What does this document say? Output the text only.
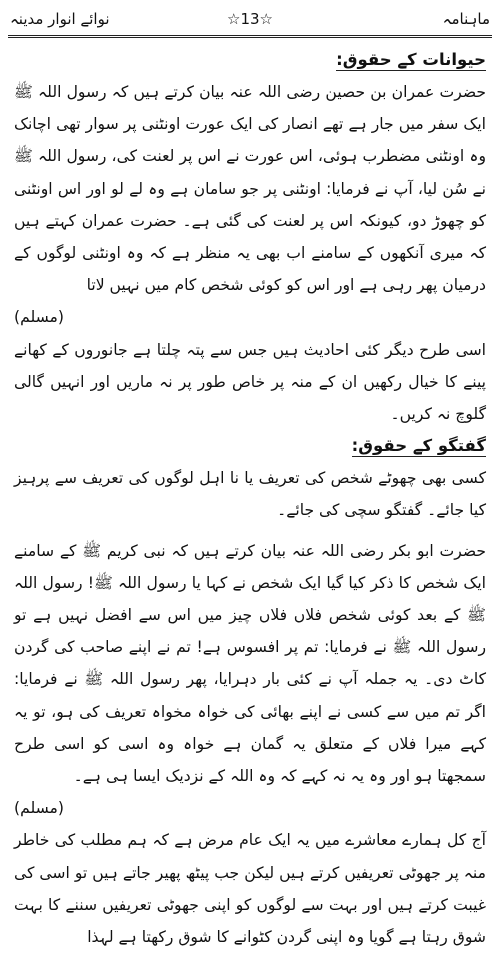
نوائے انوار مدینہ	☆13☆	ماہنامہ
حیوانات کے حقوق:

حضرت عمران بن حصین رضی اللہ عنہ بیان کرتے ہیں کہ رسول اللہ ﷺ ایک سفر میں جار ہے تھے انصار کی ایک عورت اونٹنی پر سوار تھی اچانک وہ اونٹنی مضطرب ہوئی، اس عورت نے اس پر لعنت کی، رسول اللہ ﷺ نے سُن لیا، آپ نے فرمایا: اونٹنی پر جو سامان ہے وہ لے لو اور اس اونٹنی کو چھوڑ دو، کیونکہ اس پر لعنت کی گئی ہے۔ حضرت عمران کہتے ہیں کہ میری آنکھوں کے سامنے اب بھی یہ منظر ہے کہ وہ اونٹنی لوگوں کے درمیان پھر رہی ہے اور اس کو کوئی شخص کام میں نہیں لاتا
(مسلم)

اسی طرح دیگر کئی احادیث ہیں جس سے پتہ چلتا ہے جانوروں کے کھانے پینے کا خیال رکھیں ان کے منہ پر خاص طور پر نہ ماریں اور انہیں گالی گلوچ نہ کریں۔

گفتگو کے حقوق:

کسی بھی چھوٹے شخص کی تعریف یا نا اہل لوگوں کی تعریف سے پرہیز کیا جائے۔ گفتگو سچی کی جائے۔

حضرت ابو بکر رضی اللہ عنہ بیان کرتے ہیں کہ نبی کریم ﷺ کے سامنے ایک شخص کا ذکر کیا گیا ایک شخص نے کہا یا رسول اللہ ﷺ! رسول اللہ ﷺ کے بعد کوئی شخص فلاں فلاں چیز میں اس سے افضل نہیں ہے تو رسول اللہ ﷺ نے فرمایا: تم پر افسوس ہے! تم نے اپنے صاحب کی گردن کاٹ دی۔ یہ جملہ آپ نے کئی بار دہرایا، پھر رسول اللہ ﷺ نے فرمایا: اگر تم میں سے کسی نے اپنے بھائی کی خواہ مخواہ تعریف کی ہو، تو یہ کہے میرا فلاں کے متعلق یہ گمان ہے خواہ وہ اسی کو اسی طرح سمجھتا ہو اور وہ یہ نہ کہے کہ وہ اللہ کے نزدیک ایسا ہی ہے۔
(مسلم)

آج کل ہمارے معاشرے میں یہ ایک عام مرض ہے کہ ہم مطلب کی خاطر منہ پر جھوٹی تعریفیں کرتے ہیں لیکن جب پیٹھ پھیر جاتے ہیں تو اسی کی غیبت کرتے ہیں اور بہت سے لوگوں کو اپنی جھوٹی تعریفیں سننے کا بہت شوق رہتا ہے گویا وہ اپنی گردن کٹوانے کا شوق رکھتا ہے لہذا
